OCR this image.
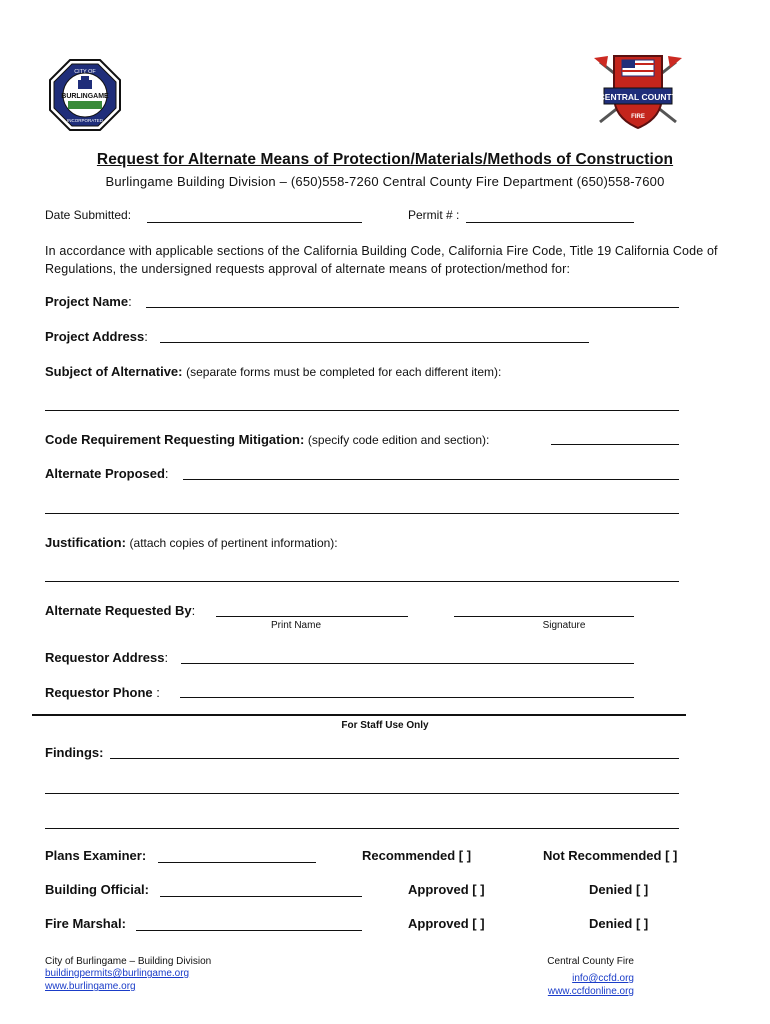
CITY OF
BURLINGAME
INCORPORATED
CENTRAL COUNTY
FIRE
Request for Alternate Means of Protection/Materials/Methods of Construction
Burlingame Building Division – (650)558-7260 Central County Fire Department (650)558-7600
Date Submitted:	Permit # :
In accordance with applicable sections of the California Building Code, California Fire Code, Title 19 California Code of Regulations, the undersigned requests approval of alternate means of protection/method for:
Project Name:
Project Address:
Subject of Alternative: (separate forms must be completed for each different item):
Code Requirement Requesting Mitigation: (specify code edition and section):
Alternate Proposed:
Justification: (attach copies of pertinent information):
Alternate Requested By:
Print Name	Signature
Requestor Address:
Requestor Phone :
For Staff Use Only
Findings:
Plans Examiner:	Recommended [ ]	Not Recommended [ ]
Building Official:	Approved [ ]	Denied [ ]
Fire Marshal:	Approved [ ]	Denied [ ]
City of Burlingame – Building Division
buildingpermits@burlingame.org
www.burlingame.org
Central County Fire
info@ccfd.org
www.ccfdonline.org
